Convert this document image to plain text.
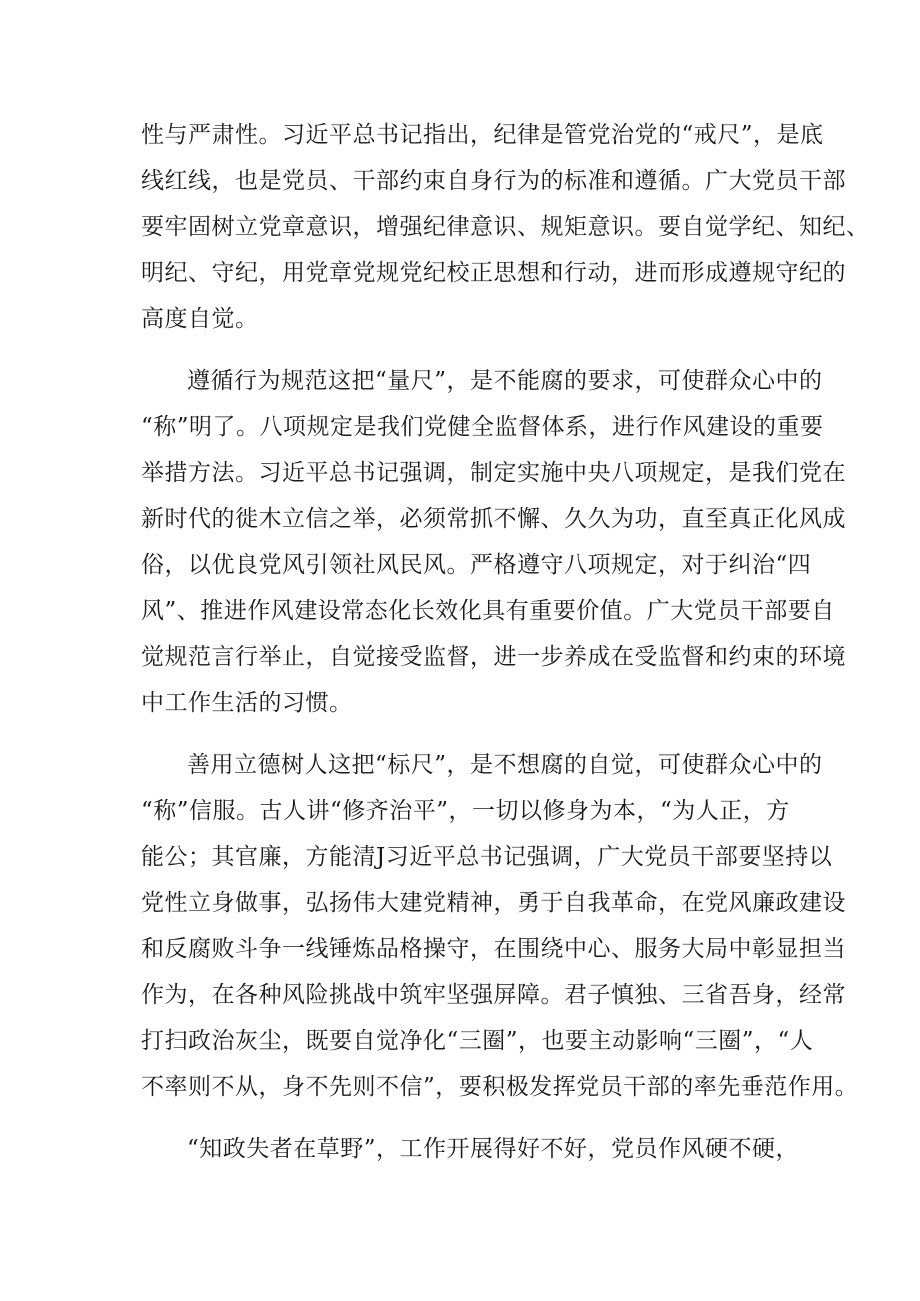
性与严肃性。习近平总书记指出，纪律是管党治党的“戒尺”，是底
线红线，也是党员、干部约束自身行为的标准和遵循。广大党员干部
要牢固树立党章意识，增强纪律意识、规矩意识。要自觉学纪、知纪、
明纪、守纪，用党章党规党纪校正思想和行动，进而形成遵规守纪的
高度自觉。
遵循行为规范这把“量尺”，是不能腐的要求，可使群众心中的
“称”明了。八项规定是我们党健全监督体系，进行作风建设的重要
举措方法。习近平总书记强调，制定实施中央八项规定，是我们党在
新时代的徙木立信之举，必须常抓不懈、久久为功，直至真正化风成
俗，以优良党风引领社风民风。严格遵守八项规定，对于纠治“四
风”、推进作风建设常态化长效化具有重要价值。广大党员干部要自
觉规范言行举止，自觉接受监督，进一步养成在受监督和约束的环境
中工作生活的习惯。
善用立德树人这把“标尺”，是不想腐的自觉，可使群众心中的
“称”信服。古人讲“修齐治平”，一切以修身为本，“为人正，方
能公；其官廉，方能清J习近平总书记强调，广大党员干部要坚持以
党性立身做事，弘扬伟大建党精神，勇于自我革命，在党风廉政建设
和反腐败斗争一线锤炼品格操守，在围绕中心、服务大局中彰显担当
作为，在各种风险挑战中筑牢坚强屏障。君子慎独、三省吾身，经常
打扫政治灰尘，既要自觉净化“三圈”，也要主动影响“三圈”，“人
不率则不从，身不先则不信”，要积极发挥党员干部的率先垂范作用。
“知政失者在草野”，工作开展得好不好，党员作风硬不硬，
